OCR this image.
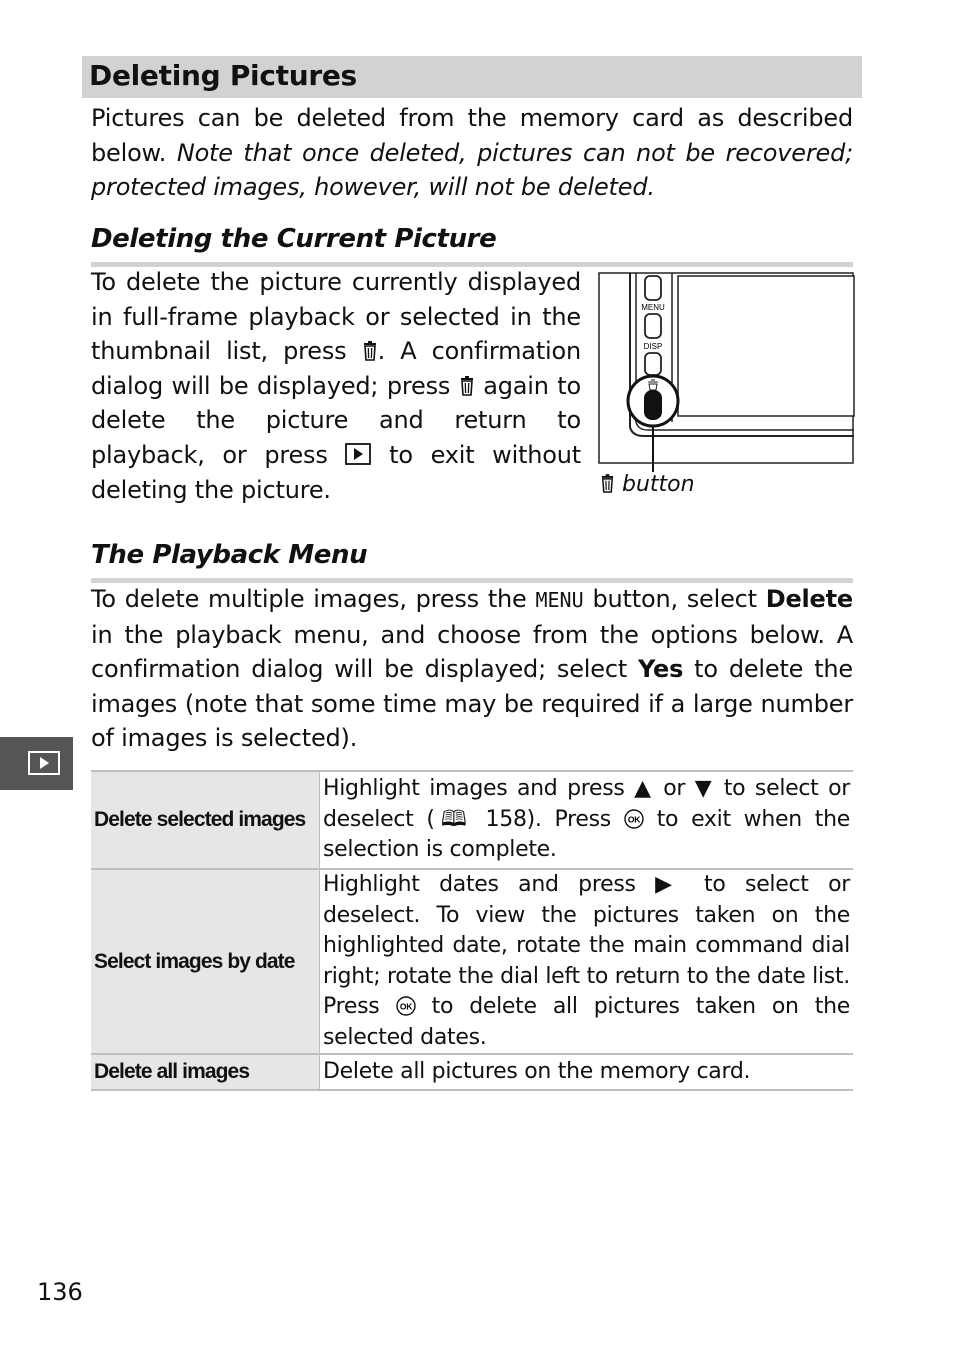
Deleting Pictures
Pictures can be deleted from the memory card as described below. Note that once deleted, pictures can not be recovered; protected images, however, will not be deleted.
Deleting the Current Picture
To delete the picture currently displayed in full-frame playback or selected in the thumbnail list, press . A confirmation dialog will be displayed; press  again to delete the picture and return to playback, or press  to exit without deleting the picture.
MENU
DISP
button
The Playback Menu
To delete multiple images, press the MENU button, select Delete in the playback menu, and choose from the options below. A confirmation dialog will be displayed; select Yes to delete the images (note that some time may be required if a large number of images is selected).
Delete selected images	Highlight images and press ▲ or ▼ to select or deselect (🕮 158). Press OK to exit when the selection is complete.
Select images by date	Highlight dates and press ▶ to select or deselect. To view the pictures taken on the highlighted date, rotate the main command dial right; rotate the dial left to return to the date list. Press OK to delete all pictures taken on the selected dates.
Delete all images	Delete all pictures on the memory card.
136
